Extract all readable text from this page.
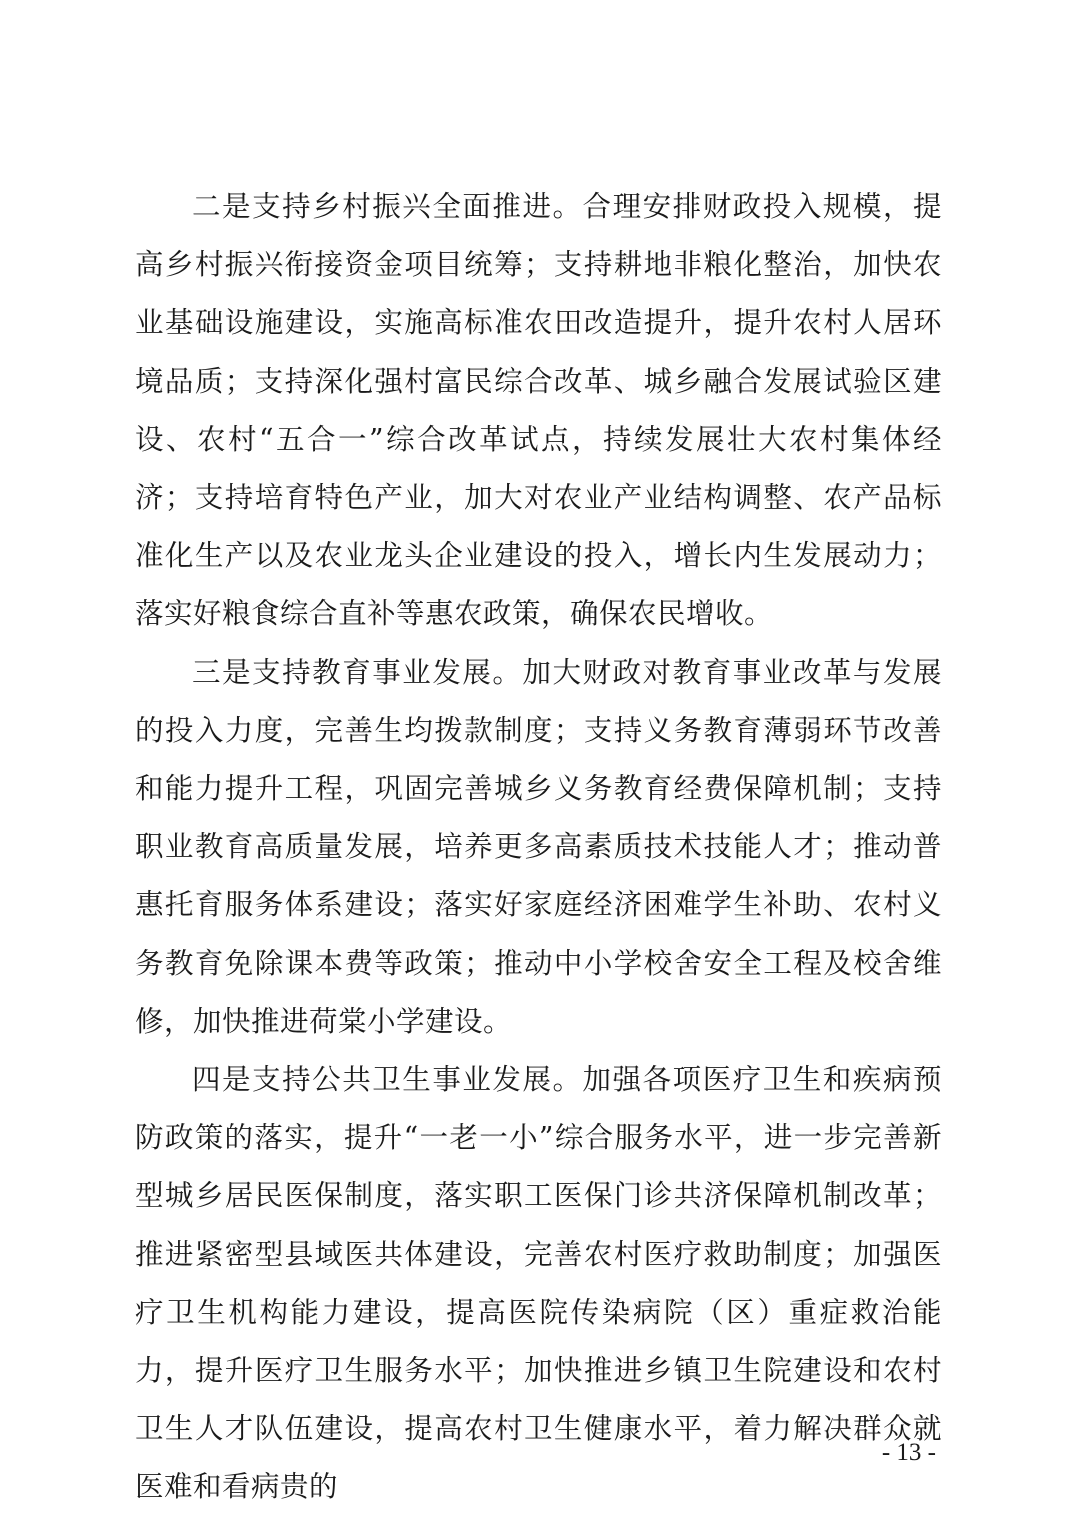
二是支持乡村振兴全面推进。合理安排财政投入规模，提高乡村振兴衔接资金项目统筹；支持耕地非粮化整治，加快农业基础设施建设，实施高标准农田改造提升，提升农村人居环境品质；支持深化强村富民综合改革、城乡融合发展试验区建设、农村“五合一”综合改革试点，持续发展壮大农村集体经济；支持培育特色产业，加大对农业产业结构调整、农产品标准化生产以及农业龙头企业建设的投入，增长内生发展动力；落实好粮食综合直补等惠农政策，确保农民增收。

三是支持教育事业发展。加大财政对教育事业改革与发展的投入力度，完善生均拨款制度；支持义务教育薄弱环节改善和能力提升工程，巩固完善城乡义务教育经费保障机制；支持职业教育高质量发展，培养更多高素质技术技能人才；推动普惠托育服务体系建设；落实好家庭经济困难学生补助、农村义务教育免除课本费等政策；推动中小学校舍安全工程及校舍维修，加快推进荷棠小学建设。

四是支持公共卫生事业发展。加强各项医疗卫生和疾病预防政策的落实，提升“一老一小”综合服务水平，进一步完善新型城乡居民医保制度，落实职工医保门诊共济保障机制改革；推进紧密型县域医共体建设，完善农村医疗救助制度；加强医疗卫生机构能力建设，提高医院传染病院（区）重症救治能力，提升医疗卫生服务水平；加快推进乡镇卫生院建设和农村卫生人才队伍建设，提高农村卫生健康水平，着力解决群众就医难和看病贵的

- 13 -
